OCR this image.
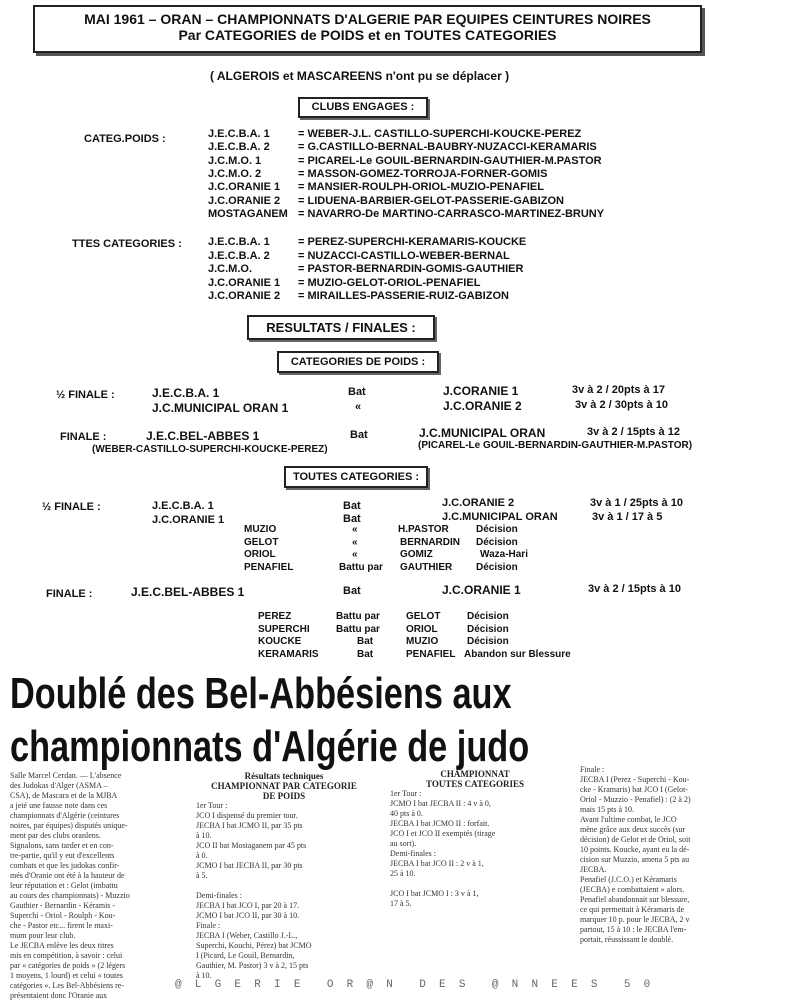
MAI 1961 – ORAN – CHAMPIONNATS D'ALGERIE PAR EQUIPES CEINTURES NOIRES
Par CATEGORIES de POIDS et en TOUTES CATEGORIES
( ALGEROIS et MASCAREENS n'ont pu se déplacer )
CLUBS ENGAGES :
CATEG.POIDS :	J.E.C.B.A. 1	= WEBER-J.L. CASTILLO-SUPERCHI-KOUCKE-PEREZ
J.E.C.B.A. 2	= G.CASTILLO-BERNAL-BAUBRY-NUZACCI-KERAMARIS
J.C.M.O. 1	= PICAREL-Le GOUIL-BERNARDIN-GAUTHIER-M.PASTOR
J.C.M.O. 2	= MASSON-GOMEZ-TORROJA-FORNER-GOMIS
J.C.ORANIE 1 = MANSIER-ROULPH-ORIOL-MUZIO-PENAFIEL
J.C.ORANIE 2 = LIDUENA-BARBIER-GELOT-PASSERIE-GABIZON
MOSTAGANEM = NAVARRO-De MARTINO-CARRASCO-MARTINEZ-BRUNY
TTES CATEGORIES : J.E.C.B.A. 1	= PEREZ-SUPERCHI-KERAMARIS-KOUCKE
J.E.C.B.A. 2	= NUZACCI-CASTILLO-WEBER-BERNAL
J.C.M.O.	= PASTOR-BERNARDIN-GOMIS-GAUTHIER
J.C.ORANIE 1 = MUZIO-GELOT-ORIOL-PENAFIEL
J.C.ORANIE 2 = MIRAILLES-PASSERIE-RUIZ-GABIZON
RESULTATS / FINALES :
CATEGORIES DE POIDS :
½ FINALE :	J.E.C.B.A. 1	Bat	J.CORANIE 1	3v à 2 / 20pts à 17
J.C.MUNICIPAL ORAN 1	«	J.C.ORANIE 2	3v à 2 / 30pts à 10
FINALE :	J.E.C.BEL-ABBES 1	Bat	J.C.MUNICIPAL ORAN	3v à 2 / 15pts à 12
(WEBER-CASTILLO-SUPERCHI-KOUCKE-PEREZ)	(PICAREL-Le GOUIL-BERNARDIN-GAUTHIER-M.PASTOR)
TOUTES CATEGORIES :
½ FINALE :	J.E.C.B.A. 1	Bat	J.C.ORANIE 2	3v à 1 / 25pts à 10
J.C.ORANIE 1	Bat	J.C.MUNICIPAL ORAN	3v à 1 / 17 à 5
MUZIO	«	H.PASTOR	Décision
GELOT	«	BERNARDIN Décision
ORIOL	«	GOMIZ	Waza-Hari
PENAFIEL	Battu par GAUTHIER Décision
FINALE :	J.E.C.BEL-ABBES 1	Bat	J.C.ORANIE 1	3v à 2 / 15pts à 10
PEREZ	Battu par	GELOT	Décision
SUPERCHI	Battu par	ORIOL	Décision
KOUCKE	Bat	MUZIO	Décision
KERAMARIS	Bat	PENAFIEL Abandon sur Blessure
Doublé des Bel-Abbésiens aux
championnats d'Algérie de judo
Salle Marcel Cerdan. — L'absence
des Judokas d'Alger (ASMA –
CSA), de Mascara et de la MJBA
a jeté une fausse note dans ces
championnats d'Algérie (ceintures
noires, par équipes) disputés unique-
ment par des clubs oranlens.
Signalons, sans tarder et en con-
tre-partie, qu'il y eut d'excellents
combats et que les judokas confir-
més d'Oranie ont été à la hauteur de
leur réputation et : Gelot (imbattu
au cours des championnats) - Muzzio
Gauthier - Bernardin - Kéramis -
Superchi - Oriol - Roulph - Kou-
che - Pastor etc... firent le maxi-
mum pour leur club.
Le JECBA enlève les deux titres
mis en compétition, à savoir : celui
par « catégories de poids » (2 légers
1 moyens, 1 lourd) et celui « toutes
catégories ». Les Bel-Abbésiens re-
présentaient donc l'Oranie aux
Résultats techniques
CHAMPIONNAT PAR CATEGORIE
DE POIDS
1er Tour :
JCO I dispensé du premier tour.
JECBA I bat JCMO II, par 35 pts
à 10.
JCO II bat Mostaganem par 45 pts
à 0.
JCMO I bat JECBA II, par 30 pts
à 5.

Demi-finales :
JECBA I bat JCO I, par 20 à 17.
JCMO I bat JCO II, par 30 à 10.
Finale :
JECBA I (Weber, Castillo J.-L.,
Superchi, Kouchi, Pérez) bat JCMO
I (Picard, Le Gouil, Bernardin,
Gauthier, M. Pastor) 3 v à 2, 15 pts
à 10.
CHAMPIONNAT
TOUTES CATEGORIES
1er Tour :
JCMO I bat JECBA II : 4 v à 0,
40 pts à 0.
JECBA I bat JCMO II : forfait.
JCO I et JCO II exemptés (tirage
au sort).
Demi-finales :
JECBA I bat JCO II : 2 v à 1,
25 à 10.

JCO I bat JCMO I : 3 v à 1,
17 à 5.
Finale :
JECBA I (Perez - Superchi - Kou-
cke - Kramaris) bat JCO I (Gelot-
Oriol - Muzzio - Penafiel) : (2 à 2)
mais 15 pts à 10.
Avant l'ultime combat, le JCO
mène grâce aux deux succès (sur
décision) de Gelot et de Oriol, soit
10 points. Koucke, ayant eu la dé-
cision sur Muzzio, amena 5 pts au
JECBA.
Penafiel (J.C.O.) et Kéramaris
(JECBA) e combattaient » alors.
Penafiel abandonnait sur blessure,
ce qui permettait à Kéramaris de
marquer 10 p. pour le JECBA, 2 v
partout, 15 à 10 : le JECBA l'em-
portait, réussissant le doublé.
@  L  G  E  R  I  E    O  R  @  N    D  E  S    @  N  N  E  E  S    5  0
